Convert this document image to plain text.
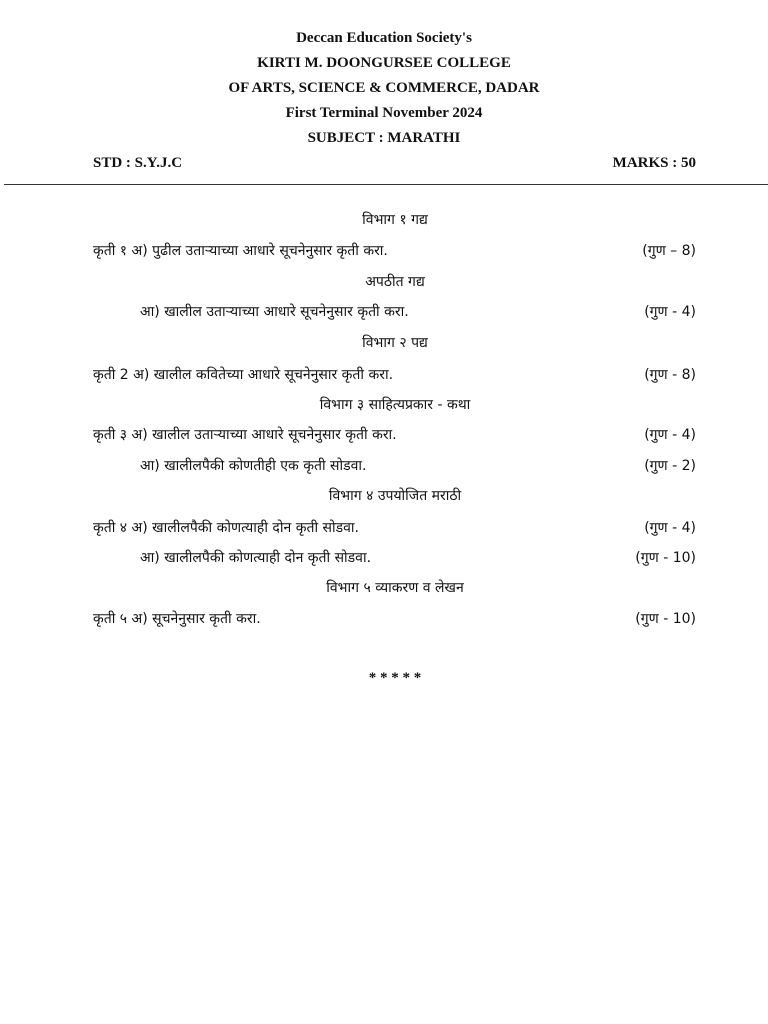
Deccan Education Society's
KIRTI M. DOONGURSEE COLLEGE
OF ARTS, SCIENCE & COMMERCE, DADAR
First Terminal November 2024
SUBJECT : MARATHI
STD : S.Y.J.C	MARKS : 50
विभाग १ गद्य
कृती १ अ) पुढील उताऱ्याच्या आधारे सूचनेनुसार कृती करा.	(गुण – 8)
अपठीत गद्य
आ) खालील उताऱ्याच्या आधारे सूचनेनुसार कृती करा.	(गुण - 4)
विभाग २ पद्य
कृती 2 अ) खालील कवितेच्या आधारे सूचनेनुसार कृती करा.	(गुण - 8)
विभाग ३ साहित्यप्रकार - कथा
कृती ३ अ) खालील उताऱ्याच्या आधारे सूचनेनुसार कृती करा.	(गुण - 4)
आ) खालीलपैकी कोणतीही एक कृती सोडवा.	(गुण - 2)
विभाग ४ उपयोजित मराठी
कृती ४ अ) खालीलपैकी कोणत्याही दोन कृती सोडवा.	(गुण - 4)
आ) खालीलपैकी कोणत्याही दोन कृती सोडवा.	(गुण - 10)
विभाग ५ व्याकरण व लेखन
कृती ५ अ) सूचनेनुसार कृती करा.	(गुण - 10)
* * * * *
